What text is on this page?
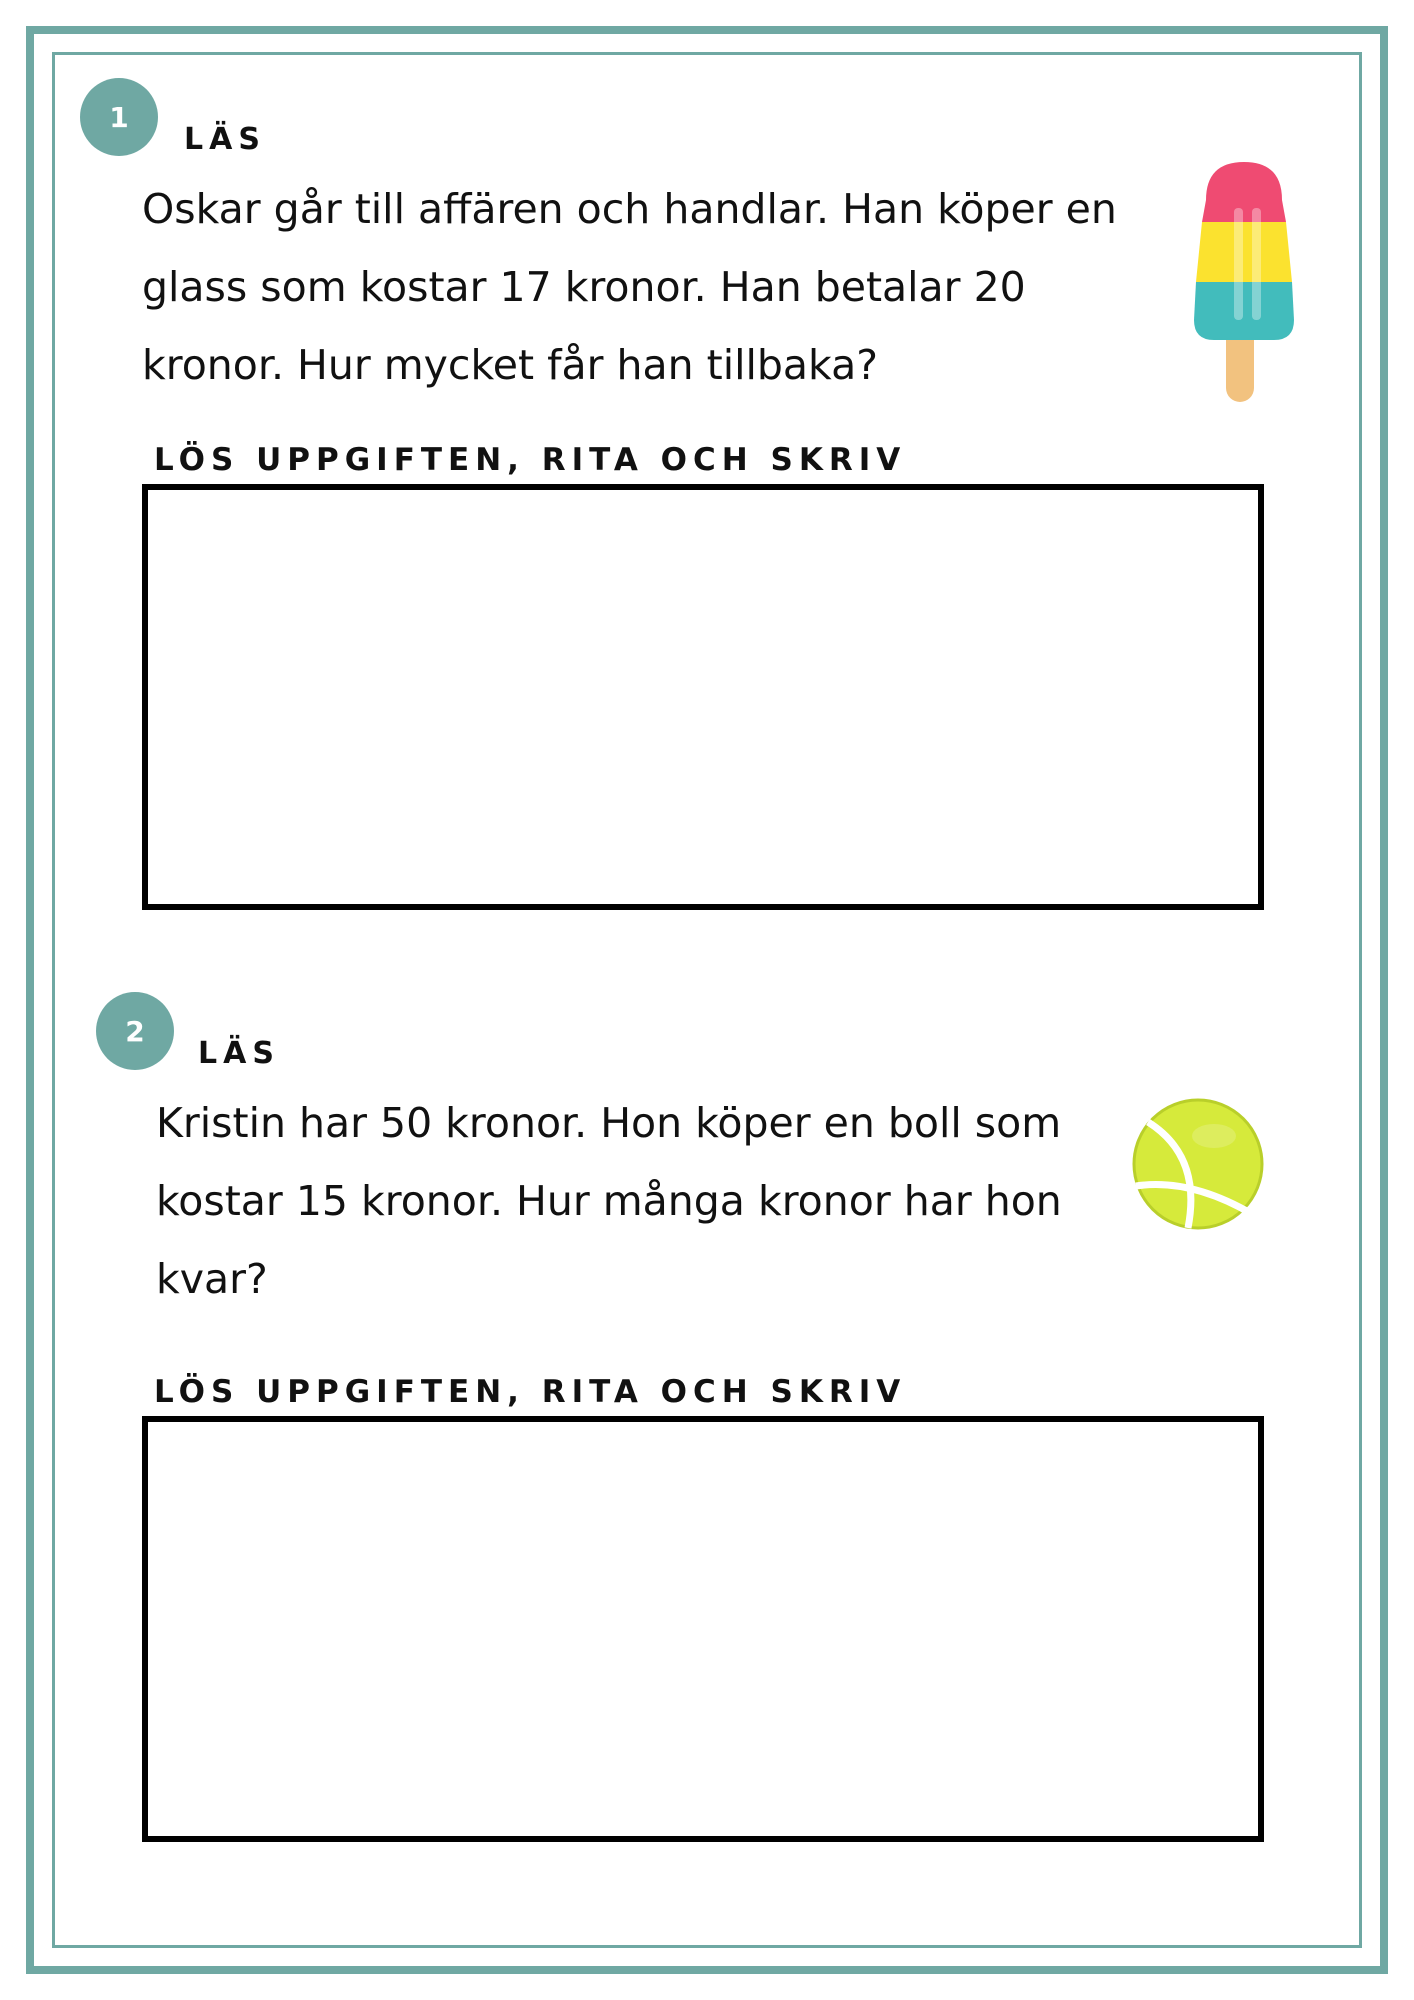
1
LÄS

Oskar går till affären och handlar. Han köper en glass som kostar 17 kronor. Han betalar 20 kronor. Hur mycket får han tillbaka?

LÖS UPPGIFTEN, RITA OCH SKRIV
2
LÄS

Kristin har 50 kronor. Hon köper en boll som kostar 15 kronor. Hur många kronor har hon kvar?

LÖS UPPGIFTEN, RITA OCH SKRIV
